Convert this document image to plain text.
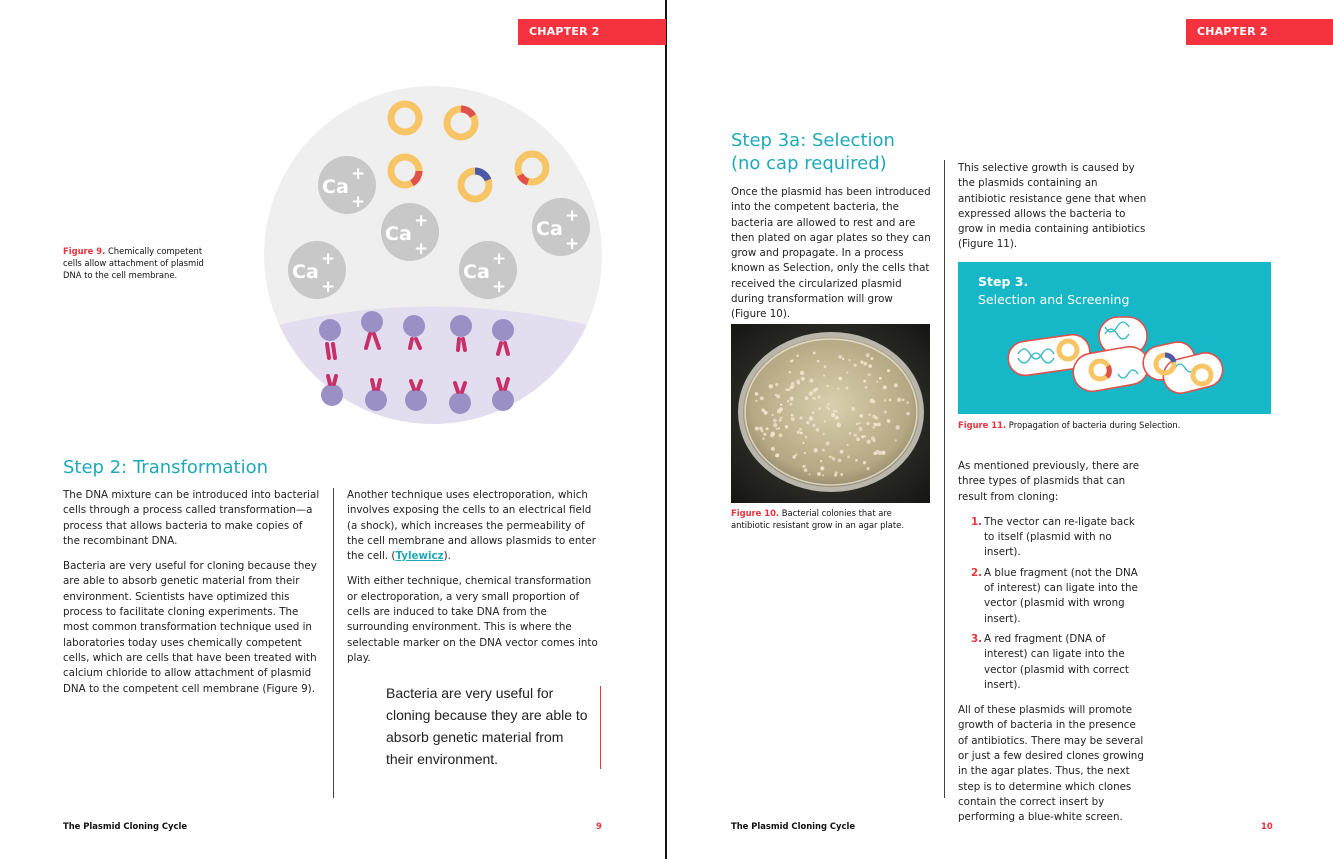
CHAPTER 2
Ca
+
+
Ca
+
+
Ca
+
+
Ca
+
+
Ca
+
+
Figure 9. Chemically competent cells allow attachment of plasmid DNA to the cell membrane.
Step 2: Transformation

The DNA mixture can be introduced into bacterial cells through a process called transformation—a process that allows bacteria to make copies of the recombinant DNA.

Bacteria are very useful for cloning because they are able to absorb genetic material from their environment. Scientists have optimized this process to facilitate cloning experiments. The most common transformation technique used in laboratories today uses chemically competent cells, which are cells that have been treated with calcium chloride to allow attachment of plasmid DNA to the competent cell membrane (Figure 9).

Another technique uses electroporation, which involves exposing the cells to an electrical field (a shock), which increases the permeability of the cell membrane and allows plasmids to enter the cell. (Tylewicz).

With either technique, chemical transformation or electroporation, a very small proportion of cells are induced to take DNA from the surrounding environment. This is where the selectable marker on the DNA vector comes into play.

Bacteria are very useful for cloning because they are able to absorb genetic material from their environment.
The Plasmid Cloning Cycle	9
CHAPTER 2
Step 3a: Selection
(no cap required)

Once the plasmid has been introduced into the competent bacteria, the bacteria are allowed to rest and are then plated on agar plates so they can grow and propagate. In a process known as Selection, only the cells that received the circularized plasmid during transformation will grow (Figure 10).

Figure 10. Bacterial colonies that are antibiotic resistant grow in an agar plate.

This selective growth is caused by the plasmids containing an antibiotic resistance gene that when expressed allows the bacteria to grow in media containing antibiotics (Figure 11).

Step 3.
Selection and Screening
Figure 11. Propagation of bacteria during Selection.

As mentioned previously, there are three types of plasmids that can result from cloning:

1. The vector can re-ligate back to itself (plasmid with no insert).
2. A blue fragment (not the DNA of interest) can ligate into the vector (plasmid with wrong insert).
3. A red fragment (DNA of interest) can ligate into the vector (plasmid with correct insert).

All of these plasmids will promote growth of bacteria in the presence of antibiotics. There may be several or just a few desired clones growing in the agar plates. Thus, the next step is to determine which clones contain the correct insert by performing a blue-white screen.

The Plasmid Cloning Cycle	10
